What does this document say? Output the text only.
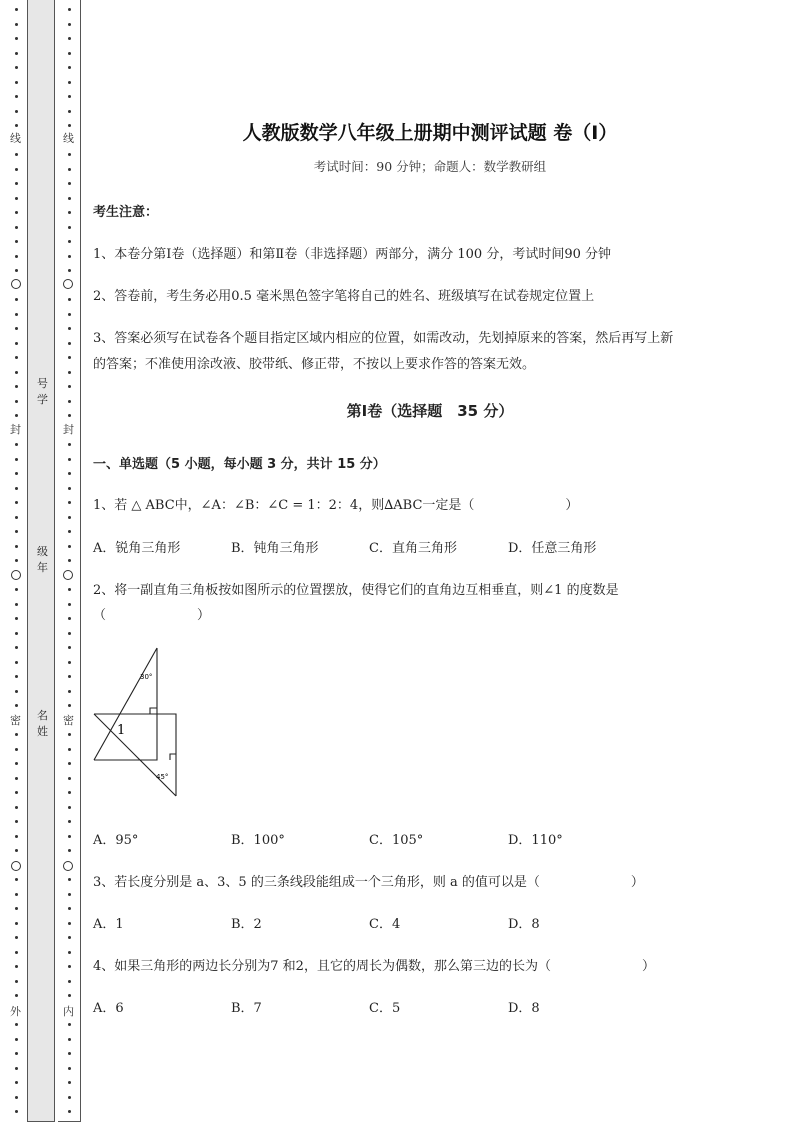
线
封
密
外
线
封
密
内
号学
级年
名姓
人教版数学八年级上册期中测评试题 卷（Ⅰ）
考试时间：90 分钟；命题人：数学教研组
考生注意：
1、本卷分第Ⅰ卷（选择题）和第Ⅱ卷（非选择题）两部分，满分 100 分，考试时间90 分钟
2、答卷前，考生务必用0.5 毫米黑色签字笔将自己的姓名、班级填写在试卷规定位置上
3、答案必须写在试卷各个题目指定区域内相应的位置，如需改动，先划掉原来的答案，然后再写上新
的答案；不准使用涂改液、胶带纸、修正带，不按以上要求作答的答案无效。
第Ⅰ卷（选择题　35 分）
一、单选题（5 小题，每小题 3 分，共计 15 分）
1、若 △ ABC中，∠A：∠B：∠C = 1：2：4，则∆ABC一定是（　　　　　　　）
A．锐角三角形	B．钝角三角形	C．直角三角形	D．任意三角形
2、将一副直角三角板按如图所示的位置摆放，使得它们的直角边互相垂直，则∠1 的度数是
（　　　　　　　）
30°
45°
1
A．95°	B．100°	C．105°	D．110°
3、若长度分别是 a、3、5 的三条线段能组成一个三角形，则 a 的值可以是（　　　　　　　）
A．1	B．2	C．4	D．8
4、如果三角形的两边长分别为7 和2，且它的周长为偶数，那么第三边的长为（　　　　　　　）
A．6	B．7	C．5	D．8
